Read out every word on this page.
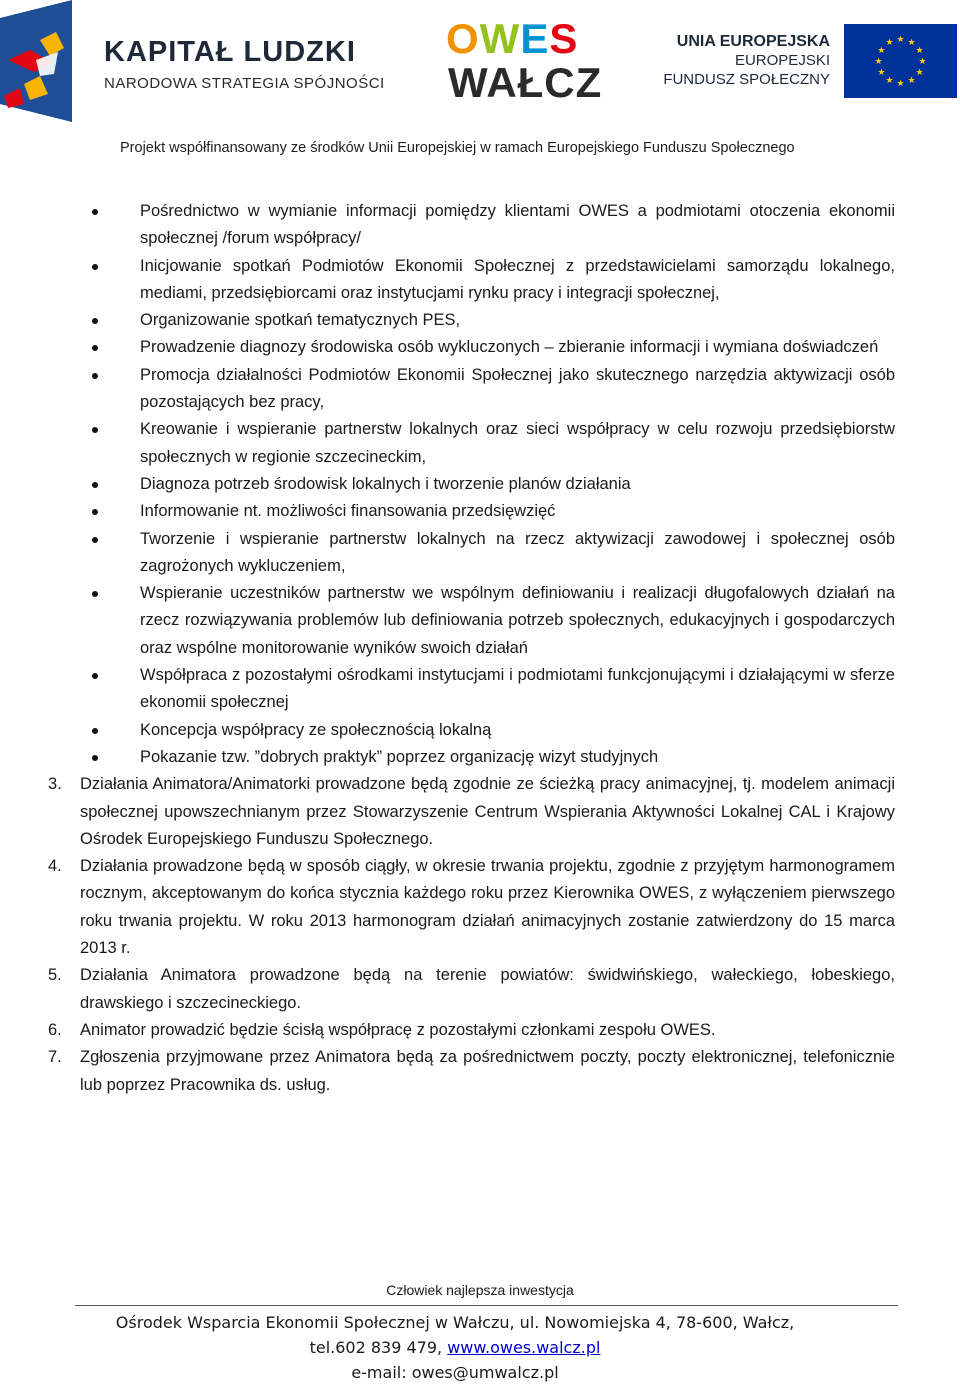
KAPITAŁ LUDZKI
NARODOWA STRATEGIA SPÓJNOŚCI
OWES
WAŁCZ
UNIA EUROPEJSKA
EUROPEJSKI
FUNDUSZ SPOŁECZNY
★ ★
★
★
★
★
★
★
★
★
★
★
Projekt współfinansowany ze środków Unii Europejskiej w ramach Europejskiego Funduszu Społecznego
Pośrednictwo w wymianie informacji pomiędzy klientami OWES a podmiotami otoczenia ekonomii społecznej /forum współpracy/
Inicjowanie spotkań Podmiotów Ekonomii Społecznej z przedstawicielami samorządu lokalnego, mediami, przedsiębiorcami oraz instytucjami rynku pracy i integracji społecznej,
Organizowanie spotkań tematycznych PES,
Prowadzenie diagnozy środowiska osób wykluczonych – zbieranie informacji i wymiana doświadczeń
Promocja działalności Podmiotów Ekonomii Społecznej jako skutecznego narzędzia aktywizacji osób pozostających bez pracy,
Kreowanie i wspieranie partnerstw lokalnych oraz sieci współpracy w celu rozwoju przedsiębiorstw społecznych w regionie szczecineckim,
Diagnoza potrzeb środowisk lokalnych i tworzenie planów działania
Informowanie nt. możliwości finansowania przedsięwzięć
Tworzenie i wspieranie partnerstw lokalnych na rzecz aktywizacji zawodowej i społecznej osób zagrożonych wykluczeniem,
Wspieranie uczestników partnerstw we wspólnym definiowaniu i realizacji długofalowych działań na rzecz rozwiązywania problemów lub definiowania potrzeb społecznych, edukacyjnych i gospodarczych oraz wspólne monitorowanie wyników swoich działań
Współpraca z pozostałymi ośrodkami instytucjami i podmiotami funkcjonującymi i działającymi w sferze ekonomii społecznej
Koncepcja współpracy ze społecznością lokalną
Pokazanie tzw. ”dobrych praktyk” poprzez organizację wizyt studyjnych
3. Działania Animatora/Animatorki prowadzone będą zgodnie ze ścieżką pracy animacyjnej, tj. modelem animacji społecznej upowszechnianym przez Stowarzyszenie Centrum Wspierania Aktywności Lokalnej CAL i Krajowy Ośrodek Europejskiego Funduszu Społecznego.
4. Działania prowadzone będą w sposób ciągły, w okresie trwania projektu, zgodnie z przyjętym harmonogramem rocznym, akceptowanym do końca stycznia każdego roku przez Kierownika OWES, z wyłączeniem pierwszego roku trwania projektu. W roku 2013 harmonogram działań animacyjnych zostanie zatwierdzony do 15 marca 2013 r.
5. Działania Animatora prowadzone będą na terenie powiatów: świdwińskiego, wałeckiego, łobeskiego, drawskiego i szczecineckiego.
6. Animator prowadzić będzie ścisłą współpracę z pozostałymi członkami zespołu OWES.
7. Zgłoszenia przyjmowane przez Animatora będą za pośrednictwem poczty, poczty elektronicznej, telefonicznie lub poprzez Pracownika ds. usług.
Człowiek najlepsza inwestycja
Ośrodek Wsparcia Ekonomii Społecznej w Wałczu, ul. Nowomiejska 4, 78-600, Wałcz,
tel.602 839 479, www.owes.walcz.pl
e-mail: owes@umwalcz.pl
